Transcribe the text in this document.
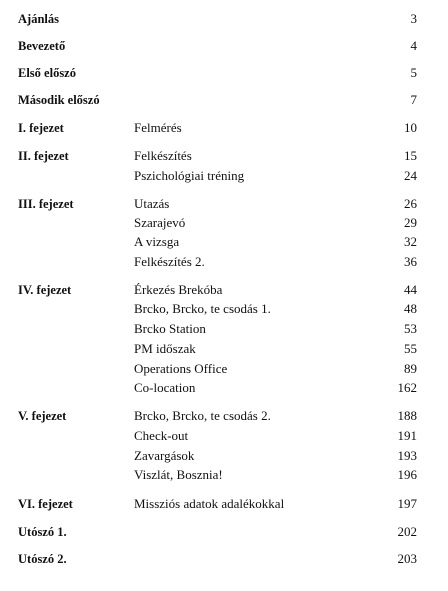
Ajánlás	3
Bevezető	4
Első előszó	5
Második előszó	7
I. fejezet	Felmérés	10
II. fejezet	Felkészítés	15
Pszichológiai tréning	24
III. fejezet	Utazás	26
Szarajevó	29
A vizsga	32
Felkészítés 2.	36
IV. fejezet	Érkezés Brekóba	44
Brcko, Brcko, te csodás 1.	48
Brcko Station	53
PM időszak	55
Operations Office	89
Co-location	162
V. fejezet	Brcko, Brcko, te csodás 2.	188
Check-out	191
Zavargások	193
Viszlát, Bosznia!	196
VI. fejezet	Missziós adatok adalékokkal	197
Utószó 1.	202
Utószó 2.	203
